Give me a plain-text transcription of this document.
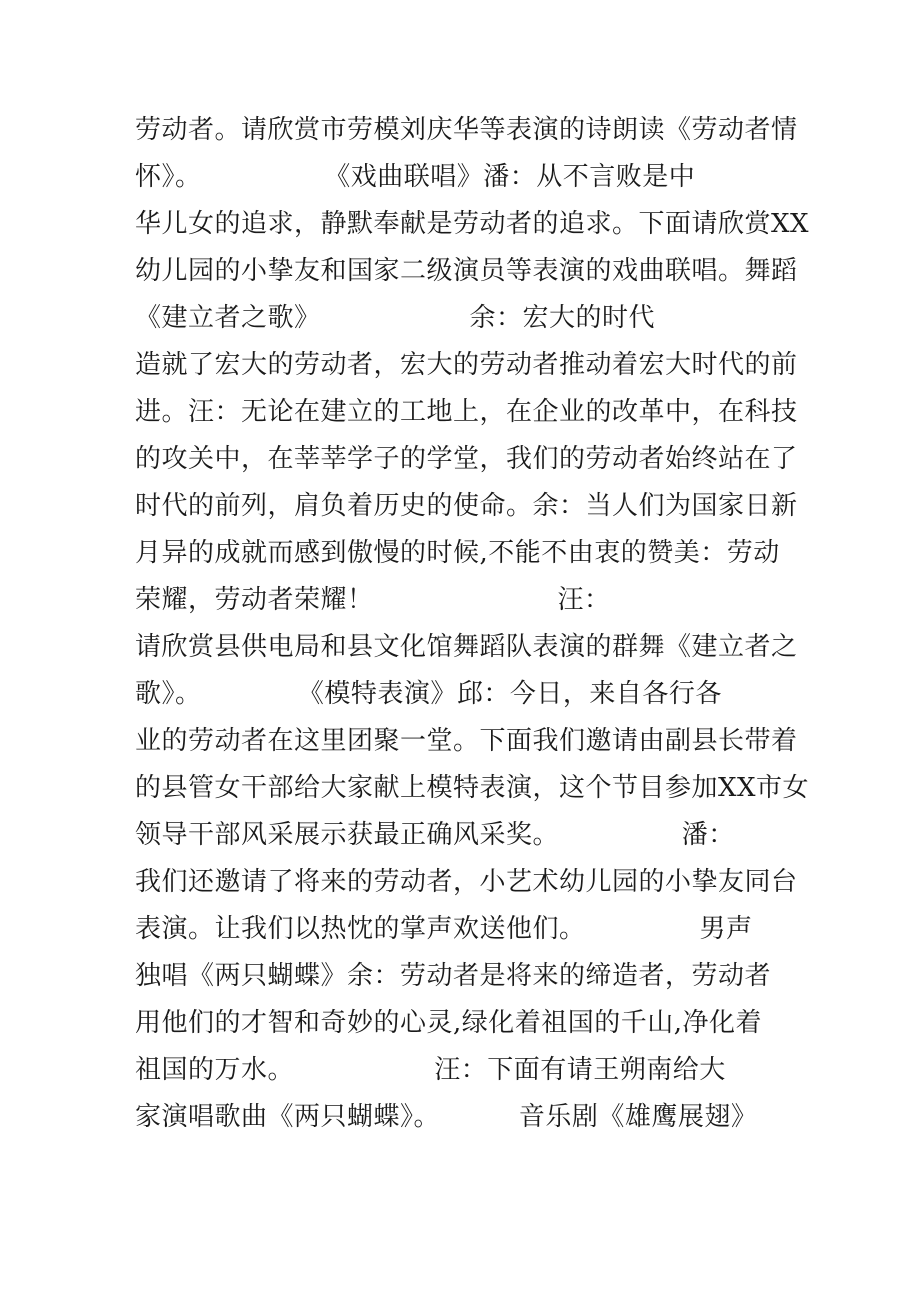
劳动者。请欣赏市劳模刘庆华等表演的诗朗读《劳动者情
怀》。              《戏曲联唱》潘：从不言败是中
华儿女的追求，静默奉献是劳动者的追求。下面请欣赏XX
幼儿园的小挚友和国家二级演员等表演的戏曲联唱。舞蹈
《建立者之歌》                 余：宏大的时代
造就了宏大的劳动者，宏大的劳动者推动着宏大时代的前
进。汪：无论在建立的工地上，在企业的改革中，在科技
的攻关中，在莘莘学子的学堂，我们的劳动者始终站在了
时代的前列，肩负着历史的使命。余：当人们为国家日新
月异的成就而感到傲慢的时候,不能不由衷的赞美：劳动
荣耀，劳动者荣耀！                     汪：
请欣赏县供电局和县文化馆舞蹈队表演的群舞《建立者之
歌》。           《模特表演》邱：今日，来自各行各
业的劳动者在这里团聚一堂。下面我们邀请由副县长带着
的县管女干部给大家献上模特表演，这个节目参加XX市女
领导干部风采展示获最正确风采奖。              潘：
我们还邀请了将来的劳动者，小艺术幼儿园的小挚友同台
表演。让我们以热忱的掌声欢送他们。             男声
独唱《两只蝴蝶》余：劳动者是将来的缔造者，劳动者
用他们的才智和奇妙的心灵,绿化着祖国的千山,净化着
祖国的万水。                汪：下面有请王朔南给大
家演唱歌曲《两只蝴蝶》。         音乐剧《雄鹰展翅》
